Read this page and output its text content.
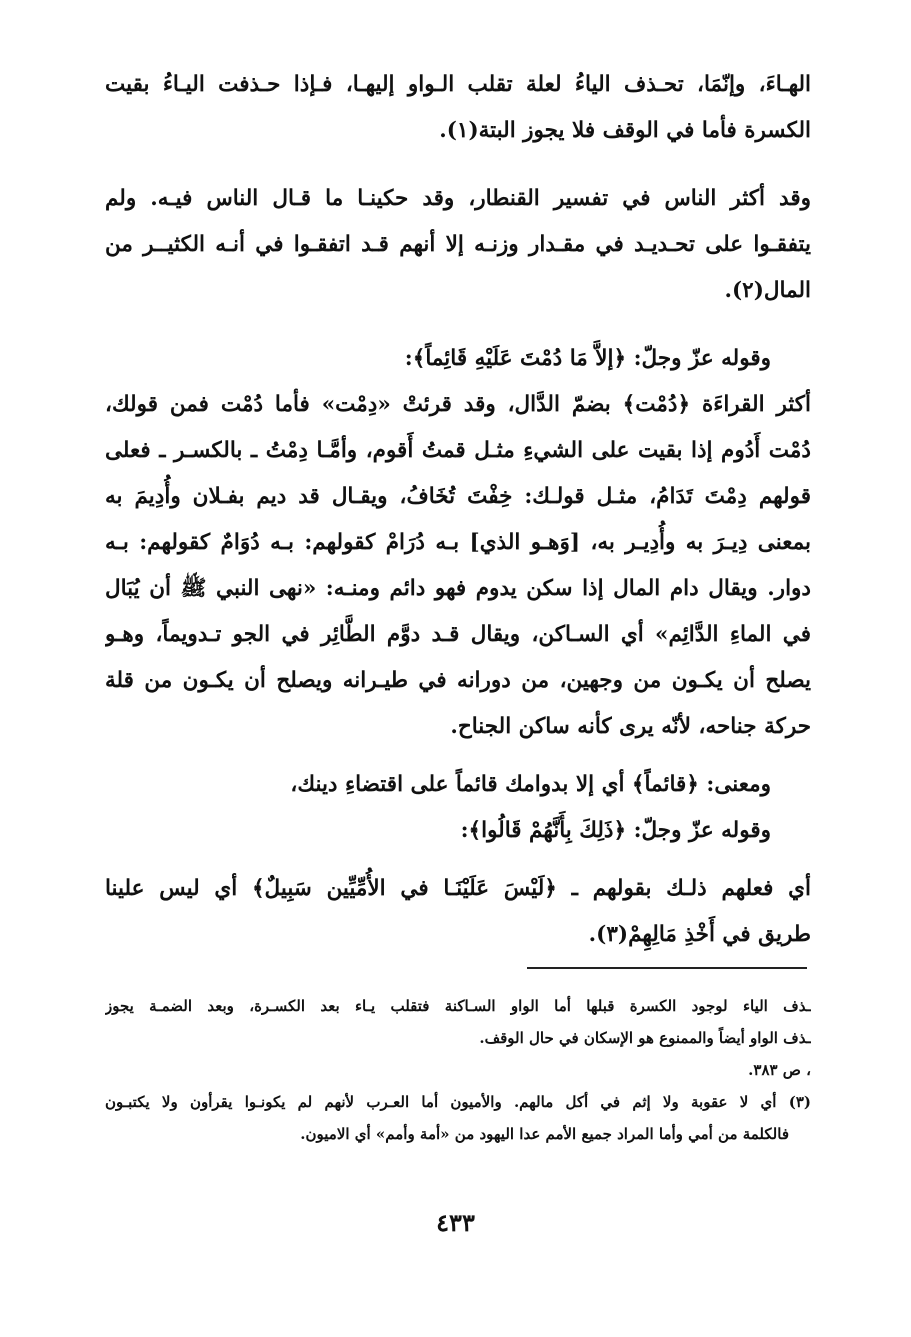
الهـاءَ، وإنّمَا، تحـذف الياءُ لعلة تقلب الـواو إليهـا، فـإذا حـذفت اليـاءُ بقيت
الكسرة فأما في الوقف فلا يجوز البتة(١).
وقد أكثر الناس في تفسير القنطار، وقد حكينـا ما قـال الناس فيـه. ولم
يتفقـوا على تحـديـد في مقـدار وزنـه إلا أنهم قـد اتفقـوا في أنـه الكثيــر من
المال(٢).
وقوله عزّ وجلّ: ﴿إلاَّ مَا دُمْتَ عَلَيْهِ قَائِماً﴾:
أكثر القراءَة ﴿دُمْت﴾ بضمّ الدَّال، وقد قرئتْ «دِمْت» فأما دُمْت فمن قولك،
دُمْت أَدُوم إذا بقيت على الشيءِ مثـل قمتُ أَقوم، وأمَّـا دِمْتُ ـ بالكسـر ـ فعلى
قولهم دِمْتَ تَدَامُ، مثـل قولـك: خِفْتَ تُخَافُ، ويقـال قد ديم بفـلان وأُدِيمَ به
بمعنى دِيـرَ به وأُدِيـر به، [وَهـو الذي] بـه دُرَامْ كقولهم: بـه دُوَامٌ كقولهم: بـه
دوار. ويقال دام المال إذا سكن يدوم فهو دائم ومنـه: «نهى النبي ﷺ أن يُبَال
في الماءِ الدَّائِم» أي السـاكن، ويقال قـد دوَّم الطَّائِر في الجو تـدويماً، وهـو
يصلح أن يكـون من وجهين، من دورانه في طيـرانه ويصلح أن يكـون من قلة
حركة جناحه، لأنّه يرى كأنه ساكن الجناح.
ومعنى: ﴿قائماً﴾ أي إلا بدوامك قائماً على اقتضاءِ دينك،
وقوله عزّ وجلّ: ﴿ذَلِكَ بِأَنَّهُمْ قَالُوا﴾:
أي فعلهم ذلـك بقولهم ـ ﴿لَيْسَ عَلَيْنَـا في الأُمِّيِّين سَبِيلٌ﴾ أي ليس علينا
طريق في أَخْذِ مَالِهِمْ(٣).
ـذف الياء لوجود الكسرة قبلها أما الواو السـاكنة فتقلب يـاء بعد الكسـرة، وبعد الضمـة يجوز
ـذف الواو أيضاً والممنوع هو الإسكان في حال الوقف.
، ص ٣٨٣.
(٣) أي لا عقوبة ولا إثم في أكل مالهم. والأميون أما العـرب لأنهم لم يكونـوا يقرأون ولا يكتبـون
فالكلمة من أمي وأما المراد جميع الأمم عدا اليهود من «أمة وأمم» أي الاميون.
٤٣٣
